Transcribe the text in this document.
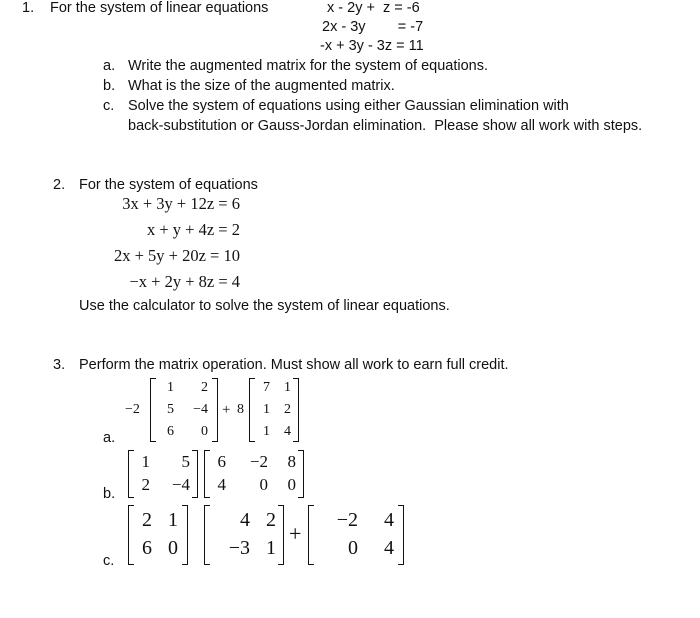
1. For the system of linear equations	x - 2y +  z = -6
2x - 3y        = -7
-x + 3y - 3z = 11
a. Write the augmented matrix for the system of equations.
b. What is the size of the augmented matrix.
c. Solve the system of equations using either Gaussian elimination with
back-substitution or Gauss-Jordan elimination.  Please show all work with steps.
2. For the system of equations
3x + 3y + 12z = 6
x + y + 4z = 2
2x + 5y + 20z = 10
−x + 2y + 8z = 4
Use the calculator to solve the system of linear equations.
3. Perform the matrix operation. Must show all work to earn full credit.
a.
−2
1	2
5	−4
6	0
+ 8
7	1
1	2
1	4
b.
1	5
2	−4
6	−2	8
4	0	0
c.
2 1
6 0
4 2
−3 1
+
−2	4
0	4
